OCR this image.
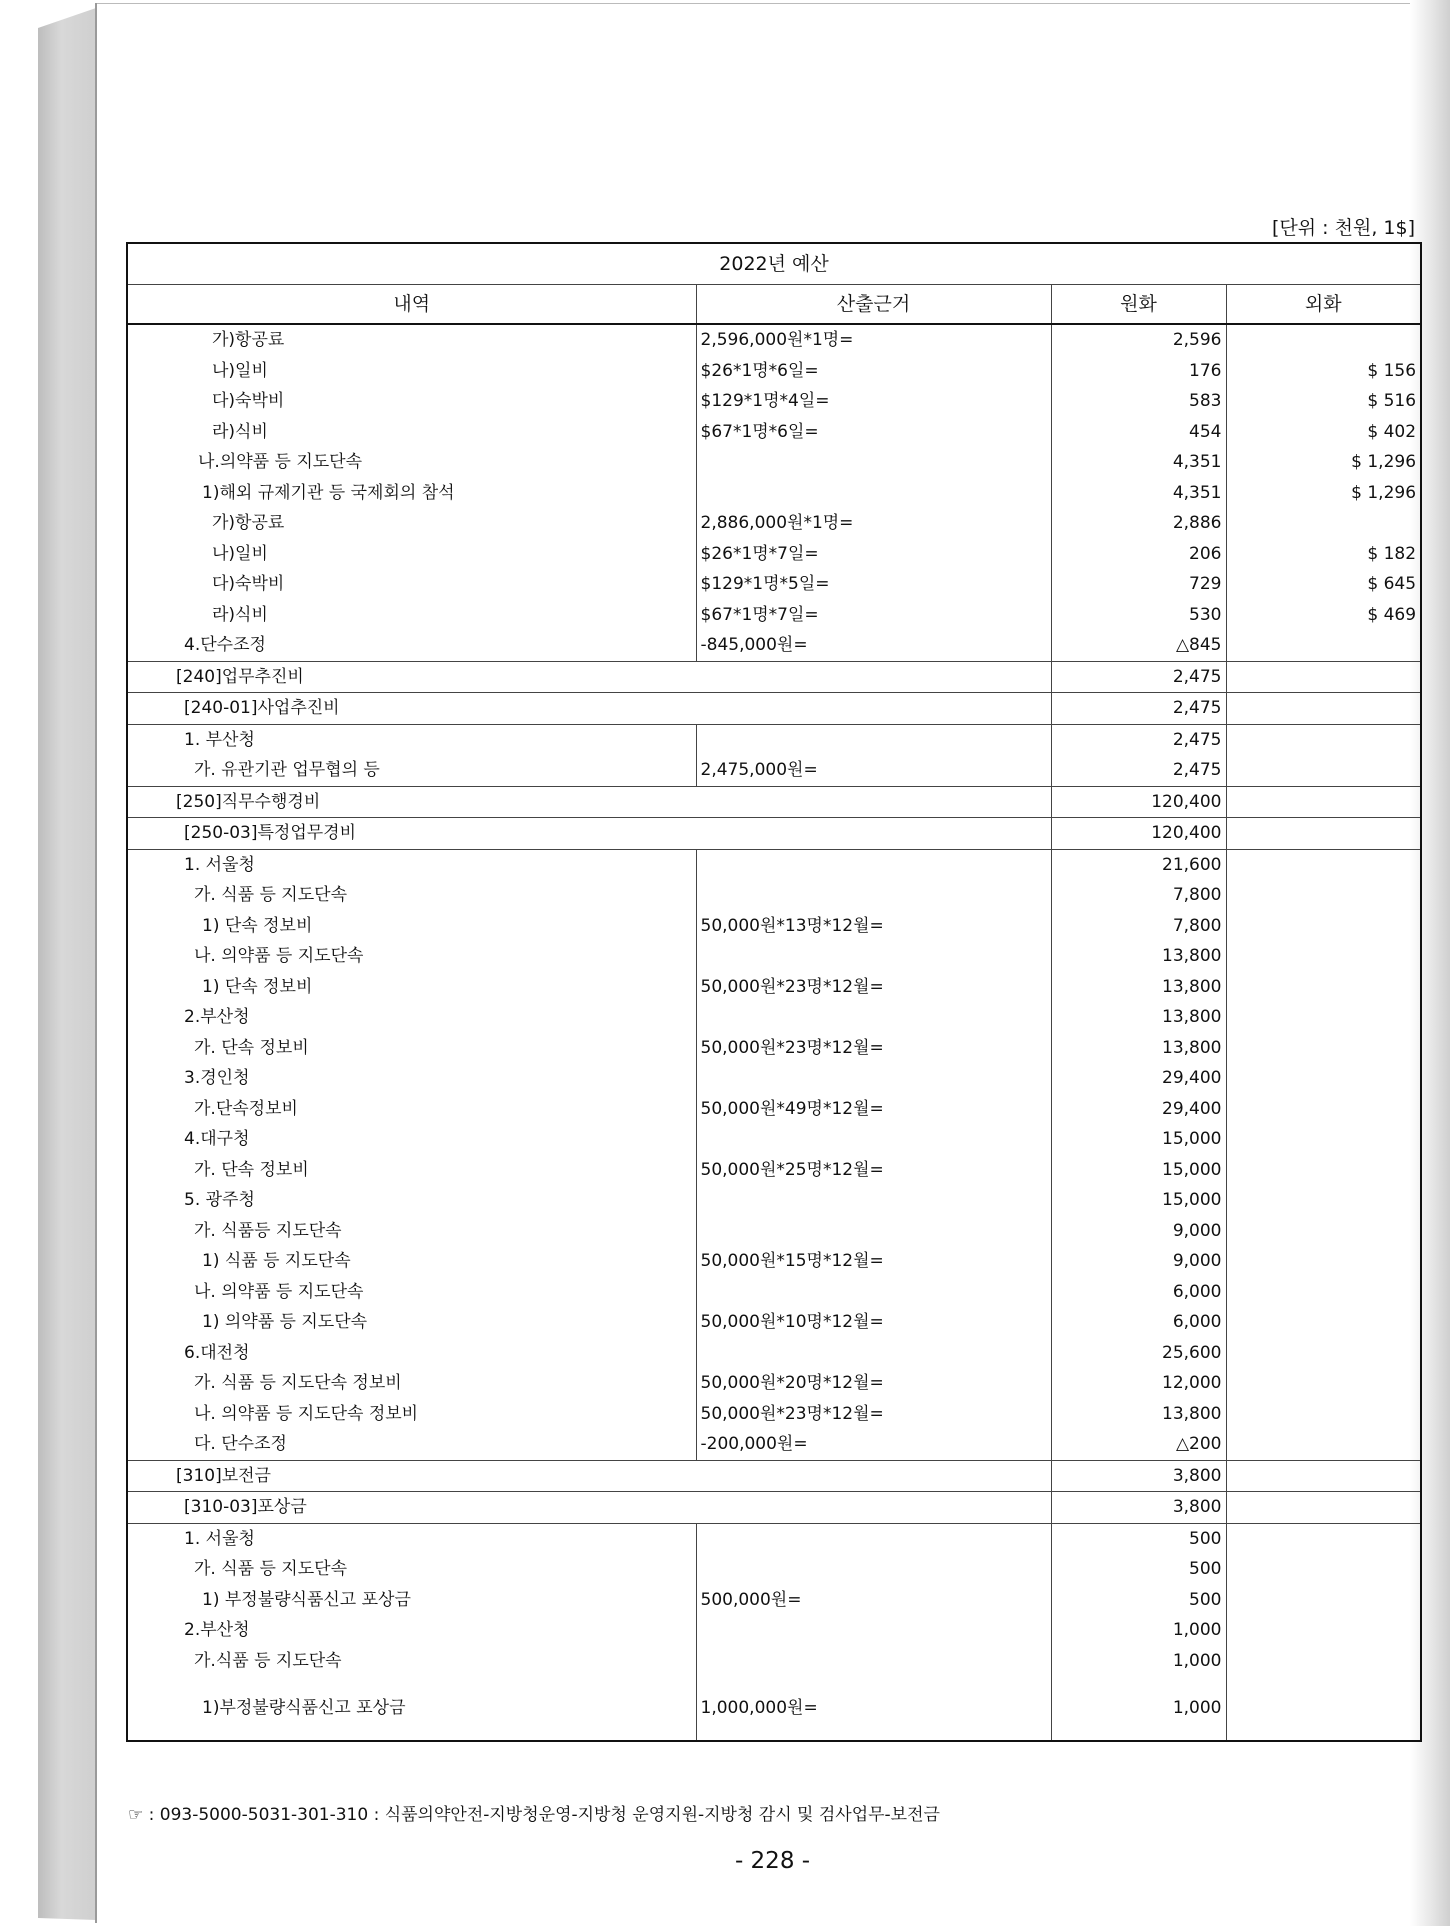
[단위 : 천원, 1$]
2022년 예산			
내역	산출근거	원화	외화
가)항공료	2,596,000원*1명=	2,596	
나)일비	$26*1명*6일=	176	$ 156
다)숙박비	$129*1명*4일=	583	$ 516
라)식비	$67*1명*6일=	454	$ 402
나.의약품 등 지도단속		4,351	$ 1,296
1)해외 규제기관 등 국제회의 참석		4,351	$ 1,296
가)항공료	2,886,000원*1명=	2,886	
나)일비	$26*1명*7일=	206	$ 182
다)숙박비	$129*1명*5일=	729	$ 645
라)식비	$67*1명*7일=	530	$ 469
4.단수조정	-845,000원=	△845	
[240]업무추진비		2,475	
[240-01]사업추진비		2,475	
1. 부산청		2,475	
가. 유관기관 업무협의 등	2,475,000원=	2,475	
[250]직무수행경비		120,400	
[250-03]특정업무경비		120,400	
1. 서울청		21,600	
가. 식품 등 지도단속		7,800	
1) 단속 정보비	50,000원*13명*12월=	7,800	
나. 의약품 등 지도단속		13,800	
1) 단속 정보비	50,000원*23명*12월=	13,800	
2.부산청		13,800	
가. 단속 정보비	50,000원*23명*12월=	13,800	
3.경인청		29,400	
가.단속정보비	50,000원*49명*12월=	29,400	
4.대구청		15,000	
가. 단속 정보비	50,000원*25명*12월=	15,000	
5. 광주청		15,000	
가. 식품등 지도단속		9,000	
1) 식품 등 지도단속	50,000원*15명*12월=	9,000	
나. 의약품 등 지도단속		6,000	
1) 의약품 등 지도단속	50,000원*10명*12월=	6,000	
6.대전청		25,600	
가. 식품 등 지도단속 정보비	50,000원*20명*12월=	12,000	
나. 의약품 등 지도단속 정보비	50,000원*23명*12월=	13,800	
다. 단수조정	-200,000원=	△200	
[310]보전금		3,800	
[310-03]포상금		3,800	
1. 서울청		500	
가. 식품 등 지도단속		500	
1) 부정불량식품신고 포상금	500,000원=	500	
2.부산청		1,000	
가.식품 등 지도단속		1,000	
1)부정불량식품신고 포상금	1,000,000원=	1,000	
☞ : 093-5000-5031-301-310 : 식품의약안전-지방청운영-지방청 운영지원-지방청 감시 및 검사업무-보전금
- 228 -
